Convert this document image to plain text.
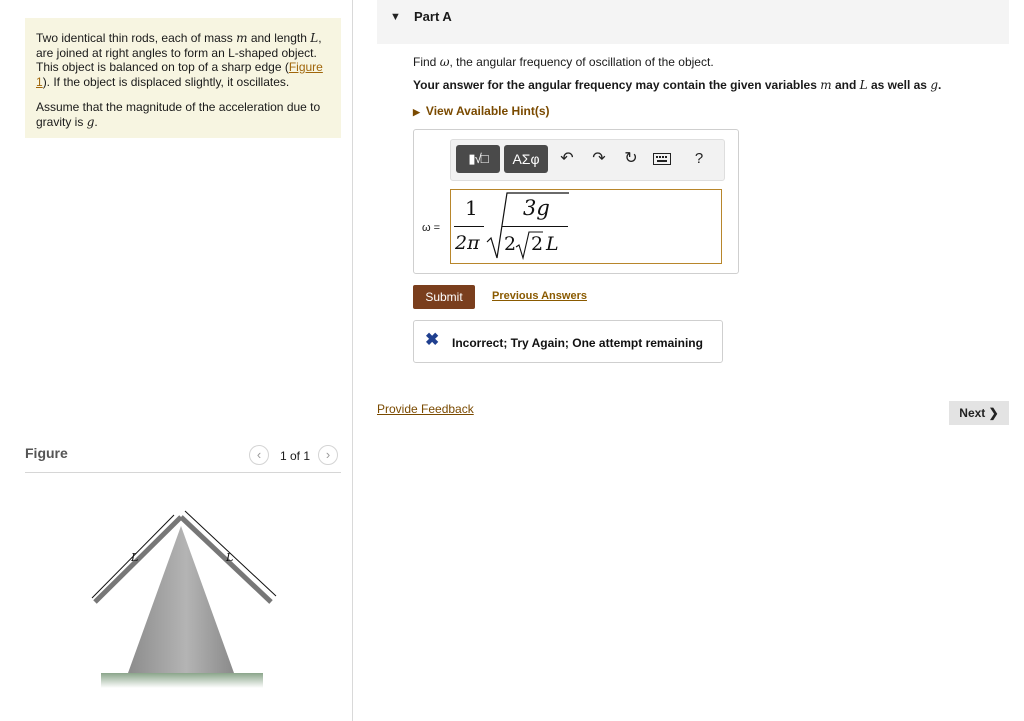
Two identical thin rods, each of mass m and length L, are joined at right angles to form an L-shaped object. This object is balanced on top of a sharp edge (Figure 1). If the object is displaced slightly, it oscillates.

Assume that the magnitude of the acceleration due to gravity is g.

Figure	‹	1 of 1	›
L	L
▼ Part A
Find ω, the angular frequency of oscillation of the object.
Your answer for the angular frequency may contain the given variables m and L as well as g.
▶ View Available Hint(s)
▮√□	ΑΣφ	↶	↷	↻	?
ω =
1
2π
3g
2 2 L
Submit	Previous Answers
✖ Incorrect; Try Again; One attempt remaining
Provide Feedback	Next ❯
